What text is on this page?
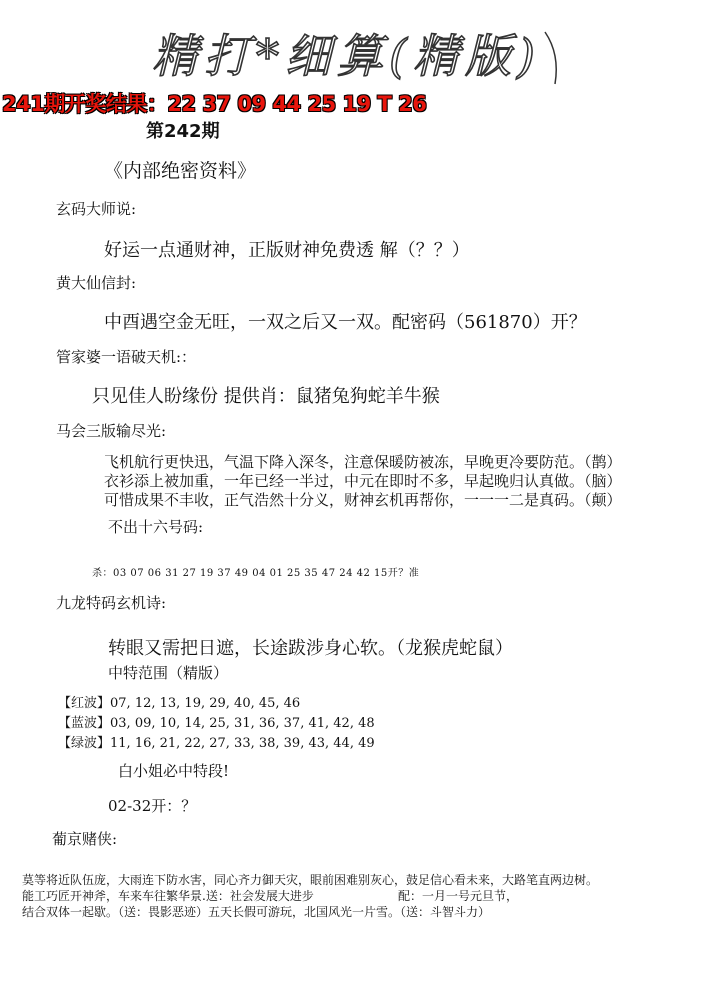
精打*细算(精版)
241期开奖结果：22 37 09 44 25 19 T 26
第242期
《内部绝密资料》
玄码大师说:
好运一点通财神，正版财神免费透 解（？？）
黄大仙信封:
中酉遇空金无旺，一双之后又一双。配密码（561870）开？
管家婆一语破天机:：
只见佳人盼缘份 提供肖：鼠猪兔狗蛇羊牛猴
马会三版输尽光:
飞机航行更快迅，气温下降入深冬，注意保暖防被冻，早晚更冷要防范。（鹊）
衣衫添上被加重，一年已经一半过，中元在即时不多，早起晚归认真做。（脑）
可惜成果不丰收，正气浩然十分义，财神玄机再帮你，一一一二是真码。（颠）
不出十六号码:
杀：03 07 06 31 27 19 37 49 04 01 25 35 47 24 42 15开？准
九龙特码玄机诗:
转眼又需把日遮，长途跋涉身心软。（龙猴虎蛇鼠）
中特范围（精版）
【红波】07, 12, 13, 19, 29, 40, 45, 46
【蓝波】03, 09, 10, 14, 25, 31, 36, 37, 41, 42, 48
【绿波】11, 16, 21, 22, 27, 33, 38, 39, 43, 44, 49
白小姐必中特段!
02-32开：？
葡京赌侠:
莫等将近队伍庞，大雨连下防水害，同心齐力御天灾，眼前困难别灰心，鼓足信心看未来，大路笔直两边树。
能工巧匠开神斧，车来车往繁华景.送：社会发展大进步	配：一月一号元旦节，
结合双体一起歇。（送：畏影恶迹）五天长假可游玩，北国风光一片雪。（送：斗智斗力）
